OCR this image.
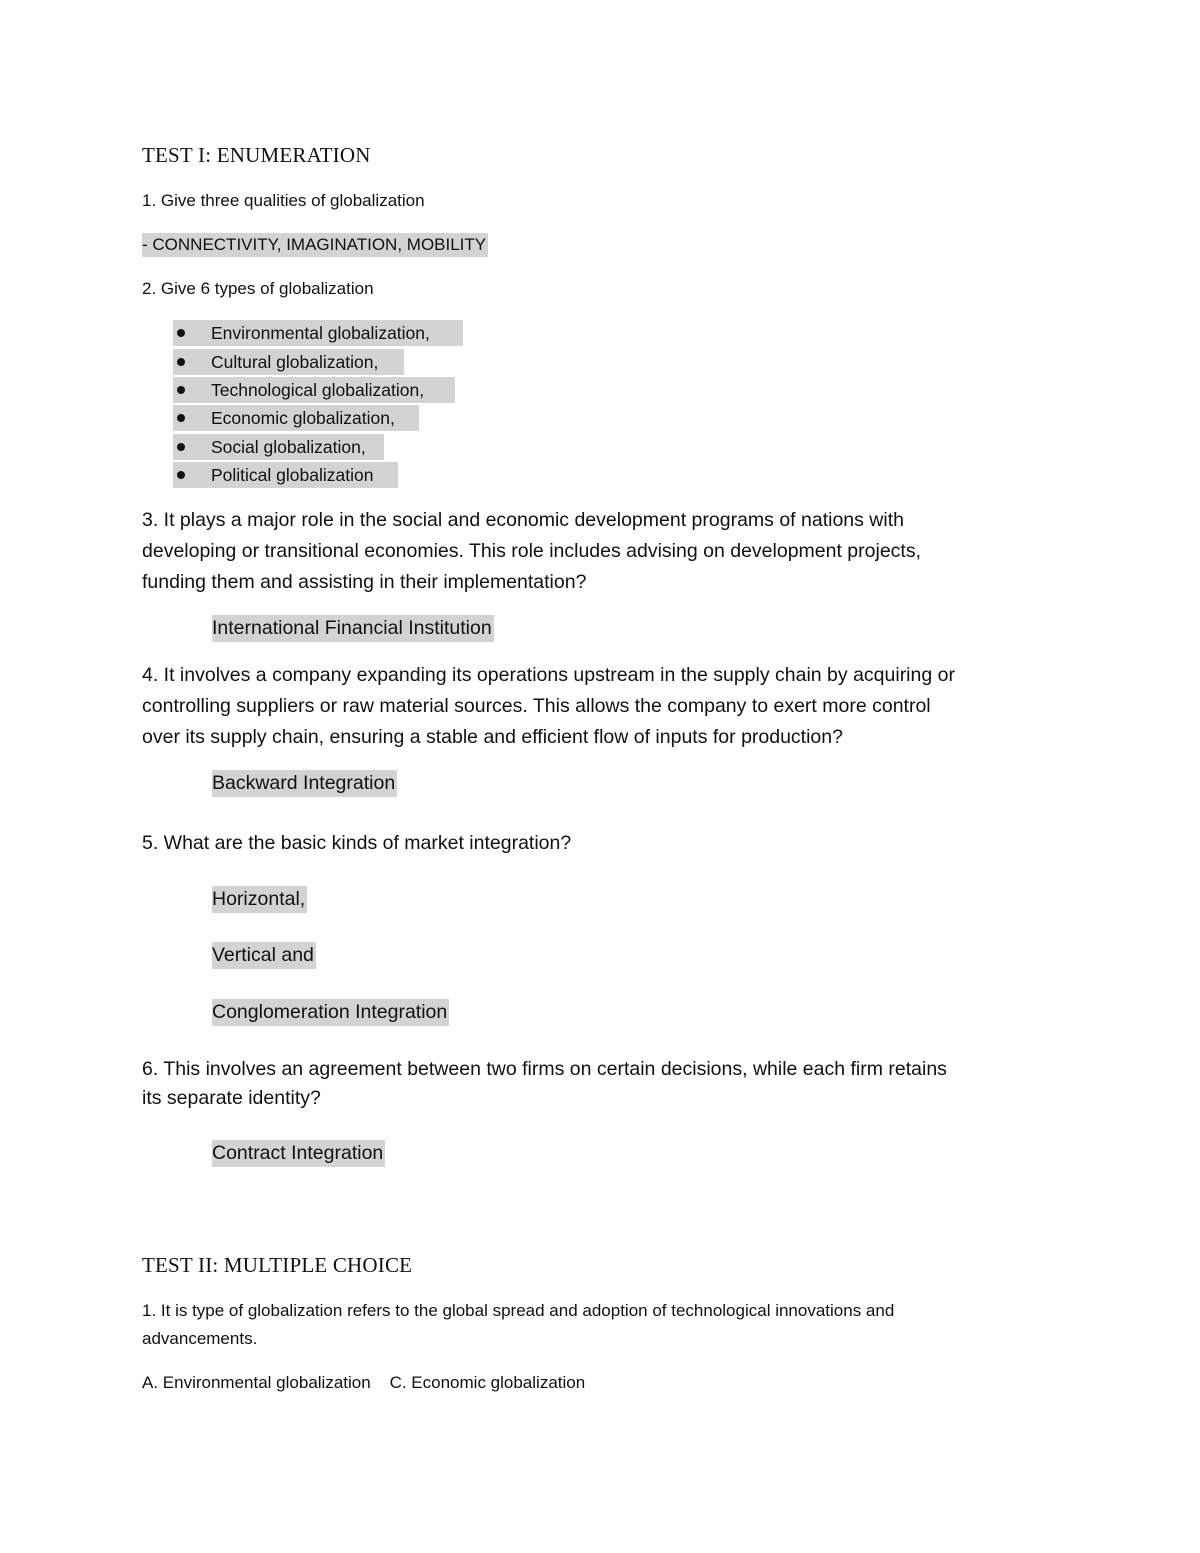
TEST I: ENUMERATION
1. Give three qualities of globalization
- CONNECTIVITY, IMAGINATION, MOBILITY
2. Give 6 types of globalization
Environmental globalization,
Cultural globalization,
Technological globalization,
Economic globalization,
Social globalization,
Political globalization
3. It plays a major role in the social and economic development programs of nations with
developing or transitional economies. This role includes advising on development projects,
funding them and assisting in their implementation?
International Financial Institution
4. It involves a company expanding its operations upstream in the supply chain by acquiring or
controlling suppliers or raw material sources. This allows the company to exert more control
over its supply chain, ensuring a stable and efficient flow of inputs for production?
Backward Integration
5. What are the basic kinds of market integration?
Horizontal,
Vertical and
Conglomeration Integration
6. This involves an agreement between two firms on certain decisions, while each firm retains
its separate identity?
Contract Integration
TEST II: MULTIPLE CHOICE
1. It is type of globalization refers to the global spread and adoption of technological innovations and
advancements.
A. Environmental globalization    C. Economic globalization
